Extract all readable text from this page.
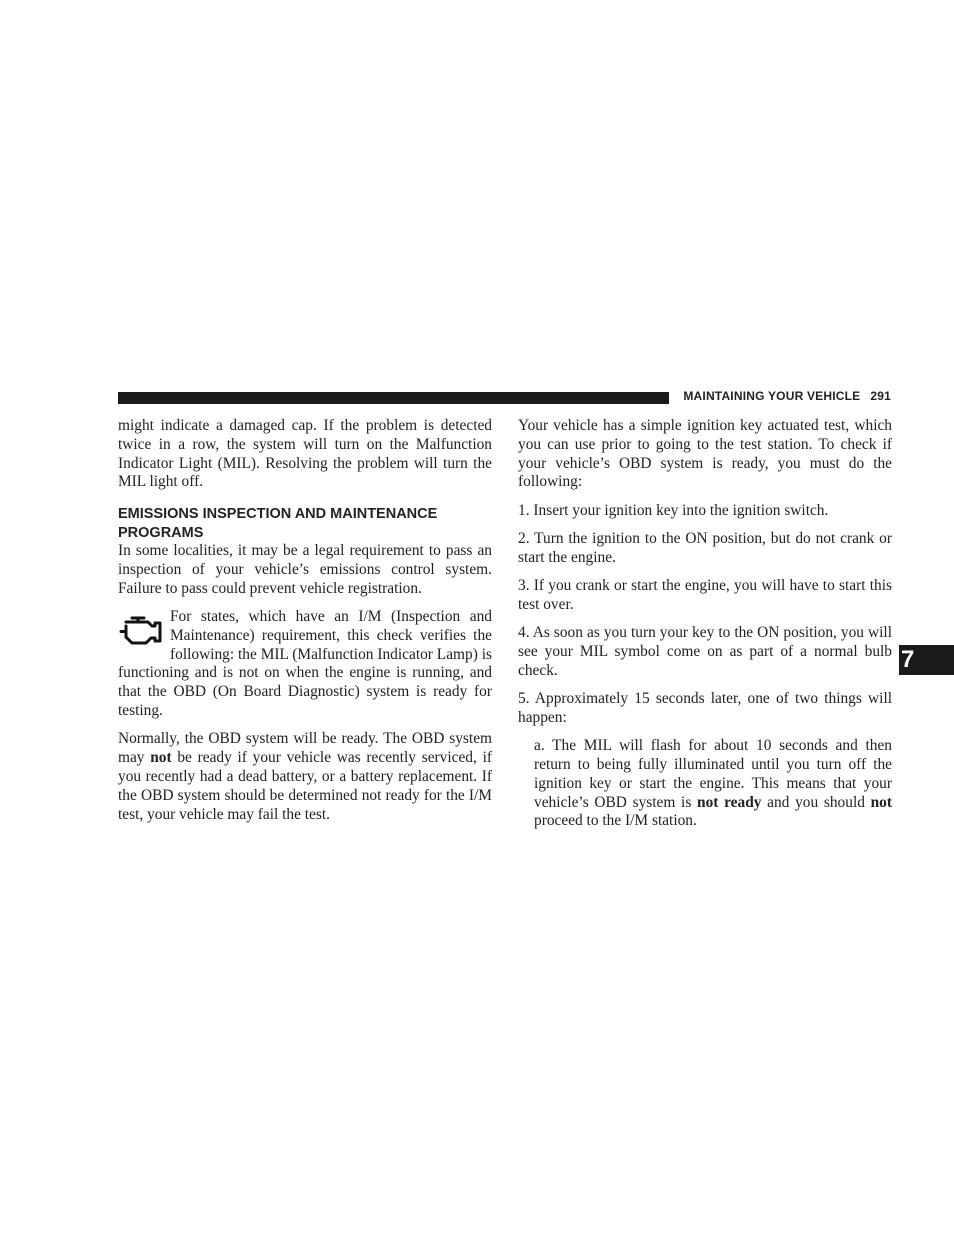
MAINTAINING YOUR VEHICLE 291

might indicate a damaged cap. If the problem is detected twice in a row, the system will turn on the Malfunction Indicator Light (MIL). Resolving the problem will turn the MIL light off.

EMISSIONS INSPECTION AND MAINTENANCE PROGRAMS

In some localities, it may be a legal requirement to pass an inspection of your vehicle’s emissions control system. Failure to pass could prevent vehicle registration.

For states, which have an I/M (Inspection and Maintenance) requirement, this check verifies the following: the MIL (Malfunction Indicator Lamp) is functioning and is not on when the engine is running, and that the OBD (On Board Diagnostic) system is ready for testing.

Normally, the OBD system will be ready. The OBD system may not be ready if your vehicle was recently serviced, if you recently had a dead battery, or a battery replacement. If the OBD system should be determined not ready for the I/M test, your vehicle may fail the test.

Your vehicle has a simple ignition key actuated test, which you can use prior to going to the test station. To check if your vehicle’s OBD system is ready, you must do the following:

1. Insert your ignition key into the ignition switch.

2. Turn the ignition to the ON position, but do not crank or start the engine.

3. If you crank or start the engine, you will have to start this test over.

4. As soon as you turn your key to the ON position, you will see your MIL symbol come on as part of a normal bulb check.

5. Approximately 15 seconds later, one of two things will happen:

a. The MIL will flash for about 10 seconds and then return to being fully illuminated until you turn off the ignition key or start the engine. This means that your vehicle’s OBD system is not ready and you should not proceed to the I/M station.

7
